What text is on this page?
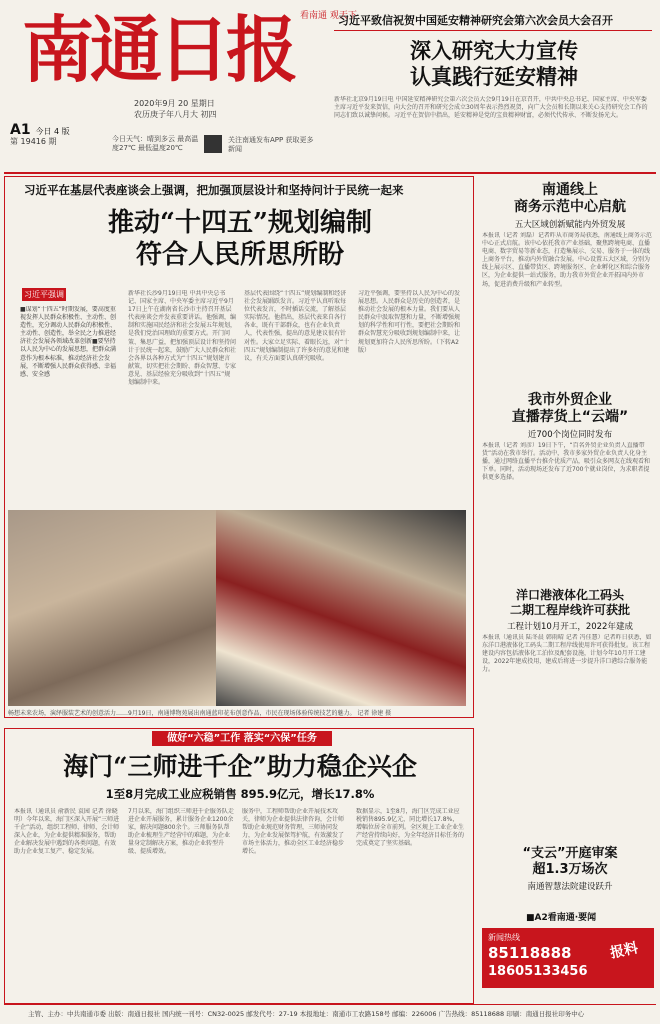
南通日报 看南通 观天下
习近平致信祝贺中国延安精神研究会第六次会员大会召开
深入研究大力宣传
认真践行延安精神
2020年9月 20 星期日
农历庚子年八月大 初四
A1 今日 4 版
第 19416 期	今日天气：晴到多云 最高温度27℃ 最低温度20℃
关注南通发布APP 获取更多新闻
新华社北京9月19日电 中国延安精神研究会第六次会员大会9月19日在京召开，中共中央总书记、国家主席、中央军委主席习近平发来贺信，向大会的召开和研究会成立30周年表示热烈祝贺，向广大会员和长期以来关心支持研究会工作的同志们致以诚挚问候。习近平在贺信中指出，延安精神是党的宝贵精神财富，必须代代传承、不断发扬光大。
习近平在基层代表座谈会上强调，把加强顶层设计和坚持问计于民统一起来
推动“十四五”规划编制
符合人民所思所盼
习近平强调
■谋划“十四五”时期发展，要高度重视发挥人民群众积极性、主动性、创造性，充分调动人民群众的积极性、主动性、创造性，举全民之力推进经济社会发展各领域改革创新■要坚持以人民为中心的发展思想，把群众满意作为根本标准，推动经济社会发展，不断增强人民群众获得感、幸福感、安全感
新华社长沙9月19日电 中共中央总书记、国家主席、中央军委主席习近平9月17日上午在湖南省长沙市主持召开基层代表座谈会并发表重要讲话。他强调，编制和实施国民经济和社会发展五年规划，是我们党治国理政的重要方式。开门问策、集思广益，把加强顶层设计和坚持问计于民统一起来，鼓励广大人民群众和社会各界以各种方式为“十四五”规划建言献策，切实把社会期盼、群众智慧、专家意见、基层经验充分吸收到“十四五”规划编制中来。
基层代表围绕“十四五”规划编制和经济社会发展踊跃发言。习近平认真听取每位代表发言，不时插话交流，了解基层实际情况。他指出，基层代表来自各行各业，既有干部群众，也有企业负责人，代表性强，提出的意见建议很有针对性。大家立足实际、着眼长远，对“十四五”规划编制提出了许多好的意见和建议，有关方面要认真研究吸收。
习近平强调，要坚持以人民为中心的发展思想。人民群众是历史的创造者，是推动社会发展的根本力量。我们要从人民群众中汲取智慧和力量，不断增强规划的科学性和可行性，要把社会期盼和群众智慧充分吸收到规划编制中来，让规划更加符合人民所思所盼。（下转A2版）
畅想未来农场，演绎服装艺术的创意活力……9月19日，南通博物苑展出南通蓝印花布创意作品，市民在现场体验传统技艺的魅力。 记者 徐建 摄
做好“六稳”工作 落实“六保”任务
海门“三师进千企”助力稳企兴企
1至8月完成工业应税销售 895.9亿元，增长17.8%
本报讯（通讯员 俞新民 袁园 记者 徐晓明）今年以来，海门区深入开展“三师进千企”活动，组织工程师、律师、会计师深入企业，为企业提供精准服务，帮助企业解决发展中遇到的各类问题，有效助力企业复工复产、稳定发展。
7月以来，海门组织三师进千企服务队走进企业开展服务，累计服务企业1200余家，解决问题800余个。三师服务队帮助企业梳理生产经营中的难题，为企业量身定制解决方案，推动企业转型升级、提质增效。
服务中，工程师帮助企业开展技术攻关，律师为企业提供法律咨询，会计师帮助企业规范财务管理，三师协同发力，为企业发展保驾护航，有效激发了市场主体活力，推动全区工业经济稳步增长。
数据显示，1至8月，海门区完成工业应税销售895.9亿元，同比增长17.8%，增幅位居全市前列。全区规上工业企业生产经营持续向好，为全年经济目标任务的完成奠定了坚实基础。
南通线上
商务示范中心启航
五大区域创新赋能内外贸发展
本报讯（记者 刘磊）记者昨从市商务局获悉，南通线上商务示范中心正式启航。该中心依托我市产业基础，聚焦跨境电商、直播电商、数字贸易等新业态，打造集展示、交易、服务于一体的线上商务平台，推动内外贸融合发展。中心设置五大区域，分别为线上展示区、直播带货区、跨境服务区、企业孵化区和综合服务区，为企业提供一站式服务，助力我市外贸企业开拓国内外市场，促进消费升级和产业转型。
我市外贸企业
直播荐货上“云端”
近700个岗位同时发布
本报讯（记者 刘彦）19日下午，“百名外贸企业负责人直播带货”活动在我市举行。活动中，我市多家外贸企业负责人化身主播，通过网络直播平台推介优质产品，吸引众多网友在线观看和下单。同时，活动现场还发布了近700个就业岗位，为求职者提供更多选择。
洋口港液体化工码头
二期工程岸线许可获批
工程计划10月开工，2022年建成
本报讯（通讯员 陆冬晨 韩雨晴 记者 冯佳慧）记者昨日获悉，如东洋口港液体化工码头二期工程岸线使用许可获得批复。该工程建设内容包括液体化工泊位及配套设施，计划今年10月开工建设，2022年建成投用，建成后将进一步提升洋口港综合服务能力。
“支云”开庭审案
超1.3万场次
南通智慧法院建设跃升
■A2看南通·要闻
新闻热线
85118888
18605133456
报料
主管、主办：中共南通市委 出版：南通日报社 国内统一刊号：CN32-0025 邮发代号：27-19 本报地址：南通市工农路158号 邮编：226006 广告热线：85118688 印刷：南通日报社印务中心
